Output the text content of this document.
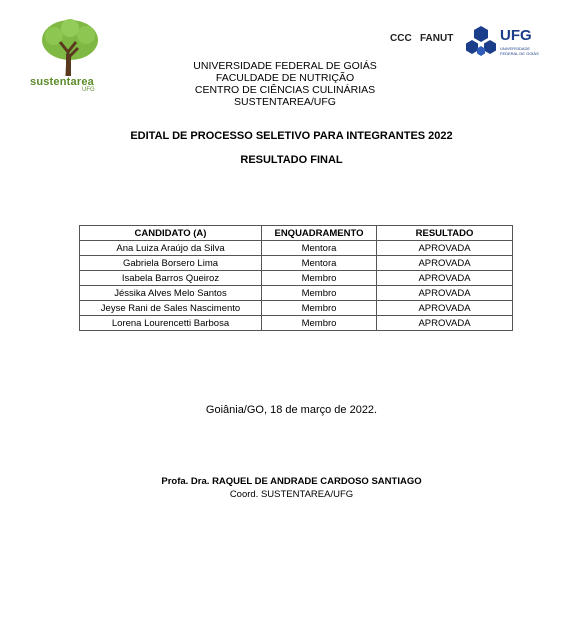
sustentarea
UFG
CCC FANUT	UFG
UNIVERSIDADE FEDERAL DE GOIÁS
UNIVERSIDADE FEDERAL DE GOIÁS
FACULDADE DE NUTRIÇÃO
CENTRO DE CIÊNCIAS CULINÁRIAS
SUSTENTAREA/UFG
EDITAL DE PROCESSO SELETIVO PARA INTEGRANTES 2022
RESULTADO FINAL
CANDIDATO (A)	ENQUADRAMENTO	RESULTADO
Ana Luiza Araújo da Silva	Mentora	APROVADA
Gabriela Borsero Lima	Mentora	APROVADA
Isabela Barros Queiroz	Membro	APROVADA
Jéssika Alves Melo Santos	Membro	APROVADA
Jeyse Rani de Sales Nascimento	Membro	APROVADA
Lorena Lourencetti Barbosa	Membro	APROVADA
Goiânia/GO, 18 de março de 2022.
Profa. Dra. RAQUEL DE ANDRADE CARDOSO SANTIAGO
Coord. SUSTENTAREA/UFG
